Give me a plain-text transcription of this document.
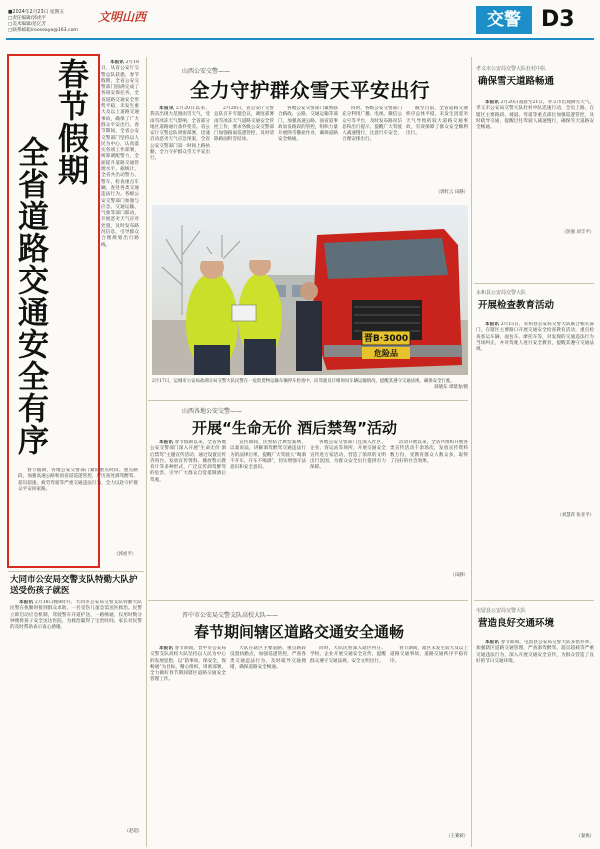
■2024年2月23日 星期五
□责任编辑/郭虎平
□美术编辑/范亿芳
□联系邮箱/rooseaya@163.com
文明山西	交警 D3
全省道路交通安全有序
春节假期	本报讯 2月18日，从省公安厅交警总队获悉，春节假期，全省公安交警部门圆满完成了各项安保任务，全省道路交通安全形势平稳，未发生重大及以上道路交通事故，确保了广大群众平安出行。春节期间，全省公安交警部门坚持以人民为中心，认真落实各项工作部署，统筹调配警力，全面提升道路交通管理水平。据统计，全省共出动警力、警车，检查重点车辆，查处各类交通违法行为。各级公安交警部门加强与应急、交通运输、气象等部门联动，开展恶劣天气应对处置，及时发布路况信息，引导群众合理规划出行路线。

春节假期，各地公安交警部门紧盯重点时段、重点路段，加强高速公路和国省道巡逻管控，严厉查处酒驾醉驾、超员超速、疲劳驾驶等严重交通违法行为，全力以赴守护群众平安回家路。

（郭虎平）
山西公安交警——
全力守护群众雪天平安出行

本报讯 2月20日以来，我省出现大范围雨雪天气，受雨雪冰冻天气影响，全省部分地区道路通行条件变差。省公安厅交警总队周密部署，迅速启动恶劣天气应急预案，全省公安交警部门第一时间上路执勤，全力守护群众雪天平安出行。

2月20日，省公安厅交警总队召开专题会议，调度部署雨雪冰冻天气道路交通安全管控工作，要求各级公安交警部门加强路面巡逻管控，及时清除路面积雪结冰。

各地公安交警部门紧密联合路政、公路、交通运输等部门，加强高速公路、国省道事故易发路段的管控，组织力量开展除雪撒盐作业，确保道路安全畅通。

同时，各级公安交警部门充分利用广播、电视、微信公众号等平台，及时发布路况信息和出行提示，提醒广大驾驶人减速慢行，注意行车安全，合理安排出行。

截至目前，全省道路交通秩序总体平稳，未发生因恶劣天气导致的较大道路交通事故，有效保障了群众安全顺利出行。

（郭红云 田静）
晋B·3000
危险品
2月17日，运城市公安局盐湖分局交警大队民警在一危险货物运输车辆停车检查中，向驾驶员仔细询问车辆运输情况，提醒其遵守交通法规，确保安全行驶。
薛晓东 谭建春/摄
山西各地公安交警——
开展“生命无价 酒后禁驾”活动

本报讯 春节假期以来，全省各地公安交警部门深入开展“生命无价 酒后禁驾”主题宣传活动，通过设置宣传咨询台、发放宣传资料、播放警示教育片等多种形式，广泛宣传酒驾醉驾的危害，引导广大群众自觉抵制酒后驾驶。

宣传期间，民警结合典型案例，以案说法，讲解酒驾醉驾交通违法行为的法律后果，提醒广大驾驶人“喝酒不开车，开车不喝酒”，切实增强守法意识和安全意识。

各地公安交警部门还深入社区、企业、客运站等场所，开展交通安全宣传进万家活动，营造了浓厚的文明出行氛围，为群众安全出行提供有力保障。

活动开展以来，全省共组织开展各类宣传活动千余场次，发放宣传资料数万份，受教育群众人数众多，取得了良好的社会效果。

（田静）
晋中市公安局交警支队高校大队——
春节期间辖区道路交通安全通畅

本报讯 春节期间，晋中市公安局交警支队高校大队坚持以人民为中心的发展思想，以“防事故、保安全、保畅通”为目标，精心组织，周密部署，全力做好春节期间辖区道路交通安全管理工作。

大队在辖区主要道路、重点路段设置执勤点，加强巡逻管控，严查各类交通违法行为，及时疏导交通拥堵，确保道路安全畅通。

同时，大队民警深入辖区村庄、学校、企业开展交通安全宣传，提醒群众遵守交通法规，安全文明出行。

春节期间，辖区未发生较大及以上道路交通事故，道路交通秩序平稳有序。

（王赛莉）
大同市公安局交警支队特勤大队护送受伤孩子就医

本报讯 2月18日晚8时许，大同市公安局交警支队特勤大队民警在执勤时接到群众求助，一名受伤儿童急需送医救治。民警立即启动应急机制，驾驶警车开道护送，一路畅通，仅用时数分钟便将孩子安全送达医院，为救治赢得了宝贵时间。家长对民警的及时帮助表示衷心感谢。

（赵超）
孝义市公安局交警大队杜村中队
确保雪天道路畅通

本报讯 2月20日凌晨至21日，孝义市出现降雪天气，孝义市公安局交警大队杜村中队迅速行动，全员上路，在辖区主要路段、坡道、弯道等重点部位加强巡逻管控，及时疏导交通，提醒过往驾驶人减速慢行，确保雪天道路安全畅通。

（彭强 刘丰平）
永和县公安局交警大队
开展检查教育活动

本报讯 2月15日，永和县公安局交警大队联合相关部门，在辖区主要路口开展交通安全检查教育活动，重点检查客运车辆、面包车、摩托车等，对发现的交通违法行为当场纠正，并对驾驶人进行安全教育，提醒其遵守交通法规。

（刘慧萍 张亚平）
屯留县公安局交警大队
营造良好交通环境

本报讯 春节期间，屯留县公安局交警大队多措并举，加强辖区道路交通管理，严查酒驾醉驾、超员超载等严重交通违法行为，深入开展交通安全宣传，为群众营造了良好的节日交通环境。

（秦燕）
